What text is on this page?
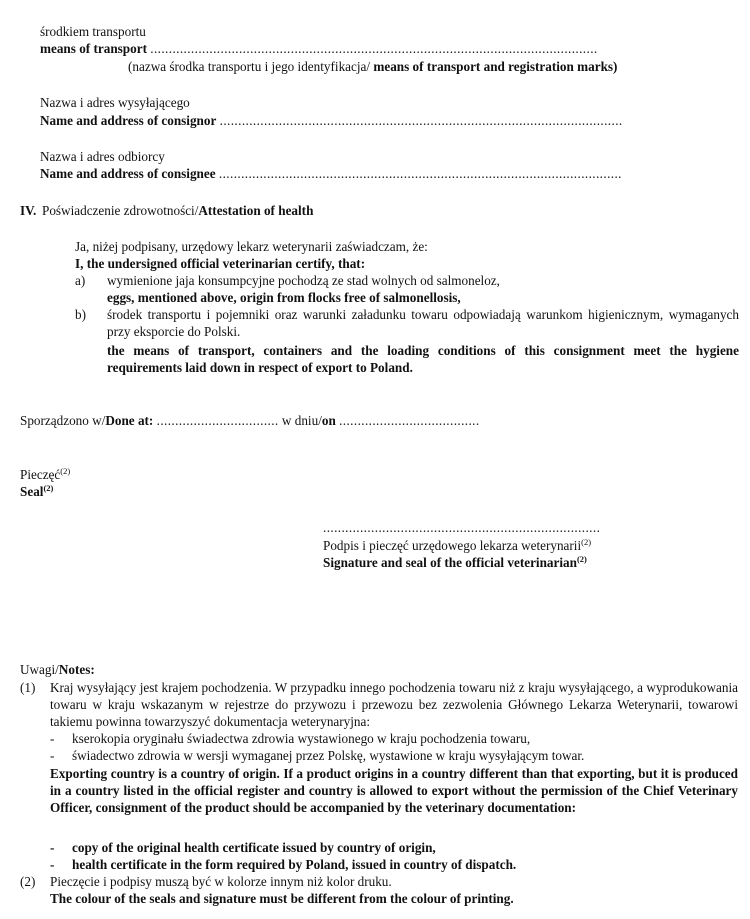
środkiem transportu
means of transport .........................................................................................................................
(nazwa środka transportu i jego identyfikacja/ means of transport and registration marks)
Nazwa i adres wysyłającego
Name and address of consignor .............................................................................................................
Nazwa i adres odbiorcy
Name and address of consignee .............................................................................................................
IV. Poświadczenie zdrowotności/Attestation of health
Ja, niżej podpisany, urzędowy lekarz weterynarii zaświadczam, że:
I, the undersigned official veterinarian certify, that:
a) wymienione jaja konsumpcyjne pochodzą ze stad wolnych od salmoneloz,
eggs, mentioned above, origin from flocks free of salmonellosis,
b) środek transportu i pojemniki oraz warunki załadunku towaru odpowiadają warunkom higienicznym, wymaganych przy eksporcie do Polski.
the means of transport, containers and the loading conditions of this consignment meet the hygiene requirements laid down in respect of export to Poland.
Sporządzono w/Done at: ................................. w dniu/on ......................................
Pieczęć$^{(2)}$
Seal$^{(2)}$
...........................................................................
Podpis i pieczęć urzędowego lekarza weterynarii$^{(2)}$
Signature and seal of the official veterinarian$^{(2)}$
Uwagi/Notes:
(1) Kraj wysyłający jest krajem pochodzenia. W przypadku innego pochodzenia towaru niż z kraju wysyłającego, a wyprodukowania towaru w kraju wskazanym w rejestrze do przywozu i przewozu bez zezwolenia Głównego Lekarza Weterynarii, towarowi takiemu powinna towarzyszyć dokumentacja weterynaryjna:
- kserokopia oryginału świadectwa zdrowia wystawionego w kraju pochodzenia towaru,
- świadectwo zdrowia w wersji wymaganej przez Polskę, wystawione w kraju wysyłającym towar.
Exporting country is a country of origin. If a product origins in a country different than that exporting, but it is produced in a country listed in the official register and country is allowed to export without the permission of the Chief Veterinary Officer, consignment of the product should be accompanied by the veterinary documentation:
- copy of the original health certificate issued by country of origin,
- health certificate in the form required by Poland, issued in country of dispatch.
(2) Pieczęcie i podpisy muszą być w kolorze innym niż kolor druku.
The colour of the seals and signature must be different from the colour of printing.
